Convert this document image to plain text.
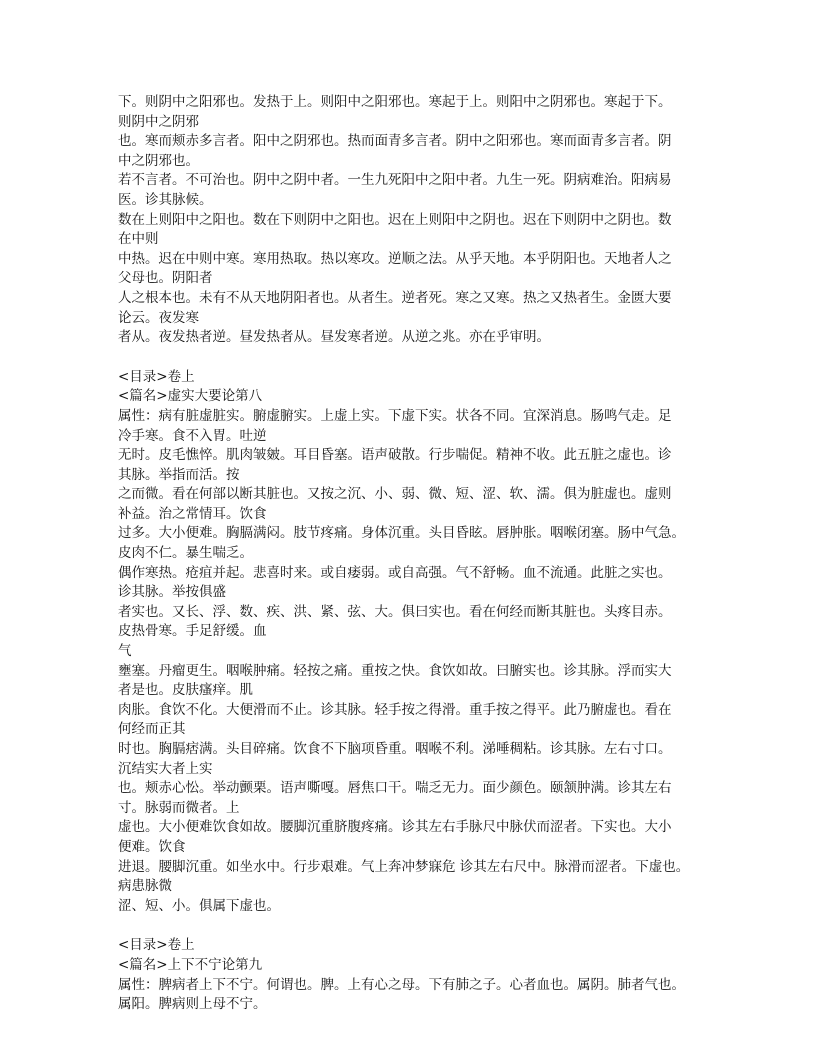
下。则阴中之阳邪也。发热于上。则阳中之阳邪也。寒起于上。则阳中之阴邪也。寒起于下。

则阴中之阴邪

也。寒而颊赤多言者。阳中之阴邪也。热而面青多言者。阴中之阳邪也。寒而面青多言者。阴

中之阴邪也。

若不言者。不可治也。阴中之阴中者。一生九死阳中之阳中者。九生一死。阴病难治。阳病易

医。诊其脉候。

数在上则阳中之阳也。数在下则阴中之阳也。迟在上则阳中之阴也。迟在下则阴中之阴也。数

在中则

中热。迟在中则中寒。寒用热取。热以寒攻。逆顺之法。从乎天地。本乎阴阳也。天地者人之

父母也。阴阳者

人之根本也。未有不从天地阴阳者也。从者生。逆者死。寒之又寒。热之又热者生。金匮大要

论云。夜发寒

者从。夜发热者逆。昼发热者从。昼发寒者逆。从逆之兆。亦在乎审明。

<目录>卷上

<篇名>虚实大要论第八

属性：病有脏虚脏实。腑虚腑实。上虚上实。下虚下实。状各不同。宜深消息。肠鸣气走。足

冷手寒。食不入胃。吐逆

无时。皮毛憔悴。肌肉皱皴。耳目昏塞。语声破散。行步喘促。精神不收。此五脏之虚也。诊

其脉。举指而活。按

之而微。看在何部以断其脏也。又按之沉、小、弱、微、短、涩、软、濡。俱为脏虚也。虚则

补益。治之常情耳。饮食

过多。大小便难。胸膈满闷。肢节疼痛。身体沉重。头目昏眩。唇肿胀。咽喉闭塞。肠中气急。

皮肉不仁。暴生喘乏。

偶作寒热。疮疽并起。悲喜时来。或自痿弱。或自高强。气不舒畅。血不流通。此脏之实也。

诊其脉。举按俱盛

者实也。又长、浮、数、疾、洪、紧、弦、大。俱曰实也。看在何经而断其脏也。头疼目赤。

皮热骨寒。手足舒缓。血

气

壅塞。丹瘤更生。咽喉肿痛。轻按之痛。重按之快。食饮如故。曰腑实也。诊其脉。浮而实大

者是也。皮肤瘙痒。肌

肉胀。食饮不化。大便滑而不止。诊其脉。轻手按之得滑。重手按之得平。此乃腑虚也。看在

何经而正其

时也。胸膈痞满。头目碎痛。饮食不下脑项昏重。咽喉不利。涕唾稠粘。诊其脉。左右寸口。

沉结实大者上实

也。颊赤心忪。举动颤栗。语声嘶嘎。唇焦口干。喘乏无力。面少颜色。颐颔肿满。诊其左右

寸。脉弱而微者。上

虚也。大小便难饮食如故。腰脚沉重脐腹疼痛。诊其左右手脉尺中脉伏而涩者。下实也。大小

便难。饮食

进退。腰脚沉重。如坐水中。行步艰难。气上奔冲梦寐危 诊其左右尺中。脉滑而涩者。下虚也。

病患脉微

涩、短、小。俱属下虚也。

<目录>卷上

<篇名>上下不宁论第九

属性：脾病者上下不宁。何谓也。脾。上有心之母。下有肺之子。心者血也。属阴。肺者气也。

属阳。脾病则上母不宁。
